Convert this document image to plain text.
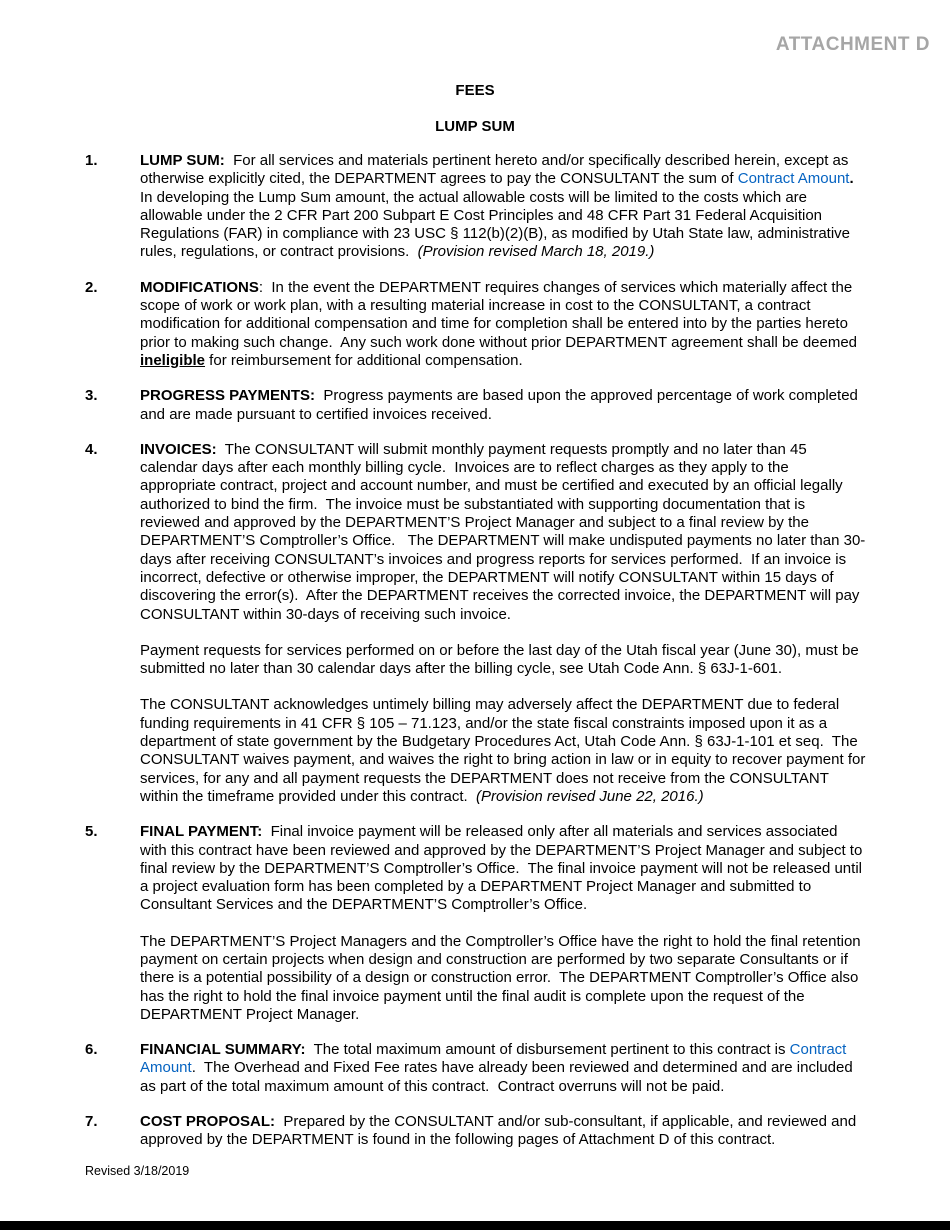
ATTACHMENT D
FEES
LUMP SUM
1.	LUMP SUM:  For all services and materials pertinent hereto and/or specifically described herein, except as otherwise explicitly cited, the DEPARTMENT agrees to pay the CONSULTANT the sum of Contract Amount.  In developing the Lump Sum amount, the actual allowable costs will be limited to the costs which are allowable under the 2 CFR Part 200 Subpart E Cost Principles and 48 CFR Part 31 Federal Acquisition Regulations (FAR) in compliance with 23 USC § 112(b)(2)(B), as modified by Utah State law, administrative rules, regulations, or contract provisions.  (Provision revised March 18, 2019.)

2.	MODIFICATIONS:  In the event the DEPARTMENT requires changes of services which materially affect the scope of work or work plan, with a resulting material increase in cost to the CONSULTANT, a contract modification for additional compensation and time for completion shall be entered into by the parties hereto prior to making such change.  Any such work done without prior DEPARTMENT agreement shall be deemed ineligible for reimbursement for additional compensation.

3.	PROGRESS PAYMENTS:  Progress payments are based upon the approved percentage of work completed and are made pursuant to certified invoices received.

4.	INVOICES:  The CONSULTANT will submit monthly payment requests promptly and no later than 45 calendar days after each monthly billing cycle.  Invoices are to reflect charges as they apply to the appropriate contract, project and account number, and must be certified and executed by an official legally authorized to bind the firm.  The invoice must be substantiated with supporting documentation that is reviewed and approved by the DEPARTMENT’S Project Manager and subject to a final review by the DEPARTMENT’S Comptroller’s Office.   The DEPARTMENT will make undisputed payments no later than 30-days after receiving CONSULTANT’s invoices and progress reports for services performed.  If an invoice is incorrect, defective or otherwise improper, the DEPARTMENT will notify CONSULTANT within 15 days of discovering the error(s).  After the DEPARTMENT receives the corrected invoice, the DEPARTMENT will pay CONSULTANT within 30-days of receiving such invoice.

Payment requests for services performed on or before the last day of the Utah fiscal year (June 30), must be submitted no later than 30 calendar days after the billing cycle, see Utah Code Ann. § 63J-1-601.

The CONSULTANT acknowledges untimely billing may adversely affect the DEPARTMENT due to federal funding requirements in 41 CFR § 105 – 71.123, and/or the state fiscal constraints imposed upon it as a department of state government by the Budgetary Procedures Act, Utah Code Ann. § 63J-1-101 et seq.  The CONSULTANT waives payment, and waives the right to bring action in law or in equity to recover payment for services, for any and all payment requests the DEPARTMENT does not receive from the CONSULTANT within the timeframe provided under this contract.  (Provision revised June 22, 2016.)

5.	FINAL PAYMENT:  Final invoice payment will be released only after all materials and services associated with this contract have been reviewed and approved by the DEPARTMENT’S Project Manager and subject to final review by the DEPARTMENT’S Comptroller’s Office.  The final invoice payment will not be released until a project evaluation form has been completed by a DEPARTMENT Project Manager and submitted to Consultant Services and the DEPARTMENT’S Comptroller’s Office.

The DEPARTMENT’S Project Managers and the Comptroller’s Office have the right to hold the final retention payment on certain projects when design and construction are performed by two separate Consultants or if there is a potential possibility of a design or construction error.  The DEPARTMENT Comptroller’s Office also has the right to hold the final invoice payment until the final audit is complete upon the request of the DEPARTMENT Project Manager.

6.	FINANCIAL SUMMARY:  The total maximum amount of disbursement pertinent to this contract is Contract Amount.  The Overhead and Fixed Fee rates have already been reviewed and determined and are included as part of the total maximum amount of this contract.  Contract overruns will not be paid.

7.	COST PROPOSAL:  Prepared by the CONSULTANT and/or sub-consultant, if applicable, and reviewed and approved by the DEPARTMENT is found in the following pages of Attachment D of this contract.

Revised 3/18/2019
